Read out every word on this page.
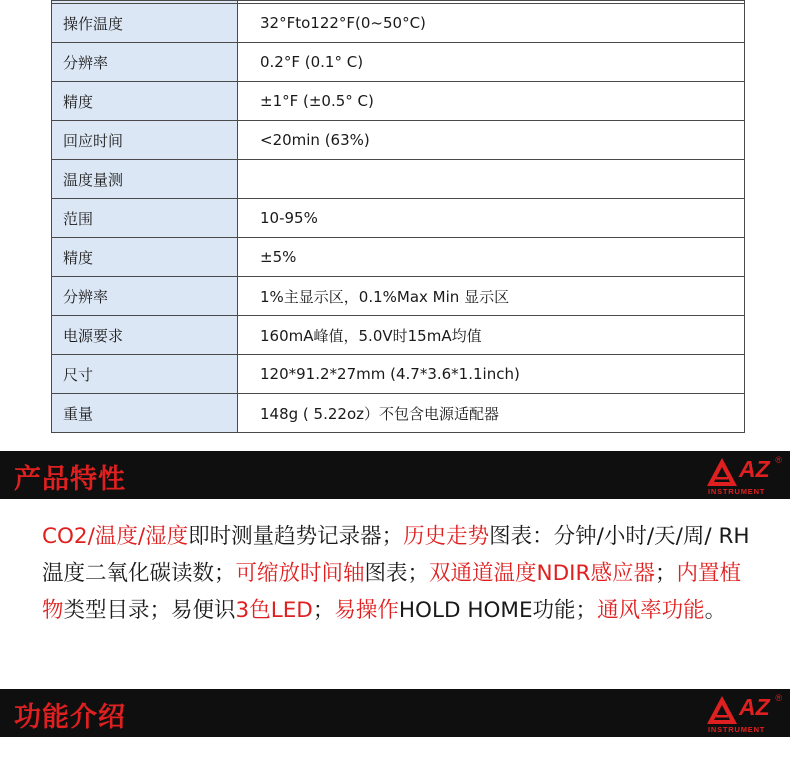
操作温度	32°Fto122°F(0~50°C)
分辨率	0.2°F (0.1° C)
精度	±1°F (±0.5° C)
回应时间	<20min (63%)
温度量测	
范围	10-95%
精度	±5%
分辨率	1%主显示区，0.1%Max Min 显示区
电源要求	160mA峰值，5.0V时15mA均值
尺寸	120*91.2*27mm (4.7*3.6*1.1inch)
重量	148g ( 5.22oz）不包含电源适配器
产品特性	AZ ®
INSTRUMENT
CO2/温度/湿度即时测量趋势记录器；历史走势图表：分钟/小时/天/周/ RH温度二氧化碳读数；可缩放时间轴图表；双通道温度NDIR感应器；内置植物类型目录；易便识3色LED；易操作HOLD HOME功能；通风率功能。
功能介绍	AZ ®
INSTRUMENT
